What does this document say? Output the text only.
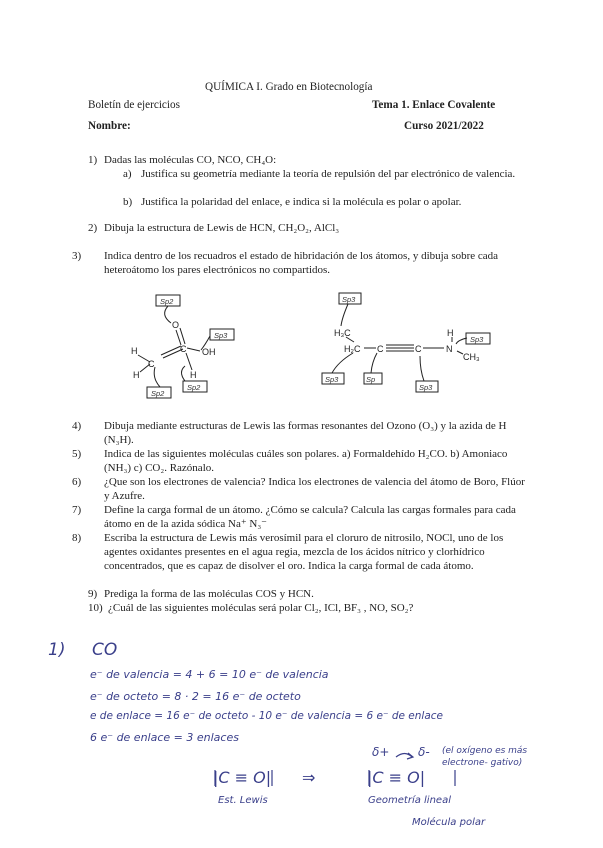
QUÍMICA I. Grado en Biotecnología
Boletín de ejercicios	Tema 1. Enlace Covalente
Nombre:	Curso 2021/2022
1) Dadas las moléculas CO, NCO, CH₄O:
a) Justifica su geometría mediante la teoría de repulsión del par electrónico de valencia.
b) Justifica la polaridad del enlace, e indica si la molécula es polar o apolar.
2) Dibuja la estructura de Lewis de HCN, CH₂O₂, AlCl₃
3) Indica dentro de los recuadros el estado de hibridación de los átomos, y dibuja sobre cada heteroátomo los pares electrónicos no compartidos.
O
C OH
C
H
H	H
Sp2
Sp3
Sp2
Sp2
H₃C
H₂C C	C	N
H
CH₃
Sp3
Sp3
Sp3	Sp
Sp3
4) Dibuja mediante estructuras de Lewis las formas resonantes del Ozono (O₃) y la azida de H (N₃H).
5) Indica de las siguientes moléculas cuáles son polares. a) Formaldehído H₂CO. b) Amoniaco (NH₃) c) CO₂. Razónalo.
6) ¿Que son los electrones de valencia? Indica los electrones de valencia del átomo de Boro, Flúor y Azufre.
7) Define la carga formal de un átomo. ¿Cómo se calcula? Calcula las cargas formales para cada átomo en de la azida sódica Na⁺ N₃⁻
8) Escriba la estructura de Lewis más verosímil para el cloruro de nitrosilo, NOCl, uno de los agentes oxidantes presentes en el agua regia, mezcla de los ácidos nítrico y clorhídrico concentrados, que es capaz de disolver el oro. Indica la carga formal de cada átomo.
9) Prediga la forma de las moléculas COS y HCN.
10) ¿Cuál de las siguientes moléculas será polar Cl₂, ICl, BF₃ , NO, SO₂?
1) CO
e⁻ de valencia = 4 + 6 = 10 e⁻ de valencia
e⁻ de octeto = 8 · 2 = 16 e⁻ de octeto
e de enlace = 16 e⁻ de octeto - 10 e⁻ de valencia = 6 e⁻ de enlace
6 e⁻ de enlace = 3 enlaces
|C ≡ O| ⇒	|C ≡ O|
Est. Lewis
δ+ δ- (el oxígeno es más electrone- gativo)
Geometría lineal
Molécula polar
